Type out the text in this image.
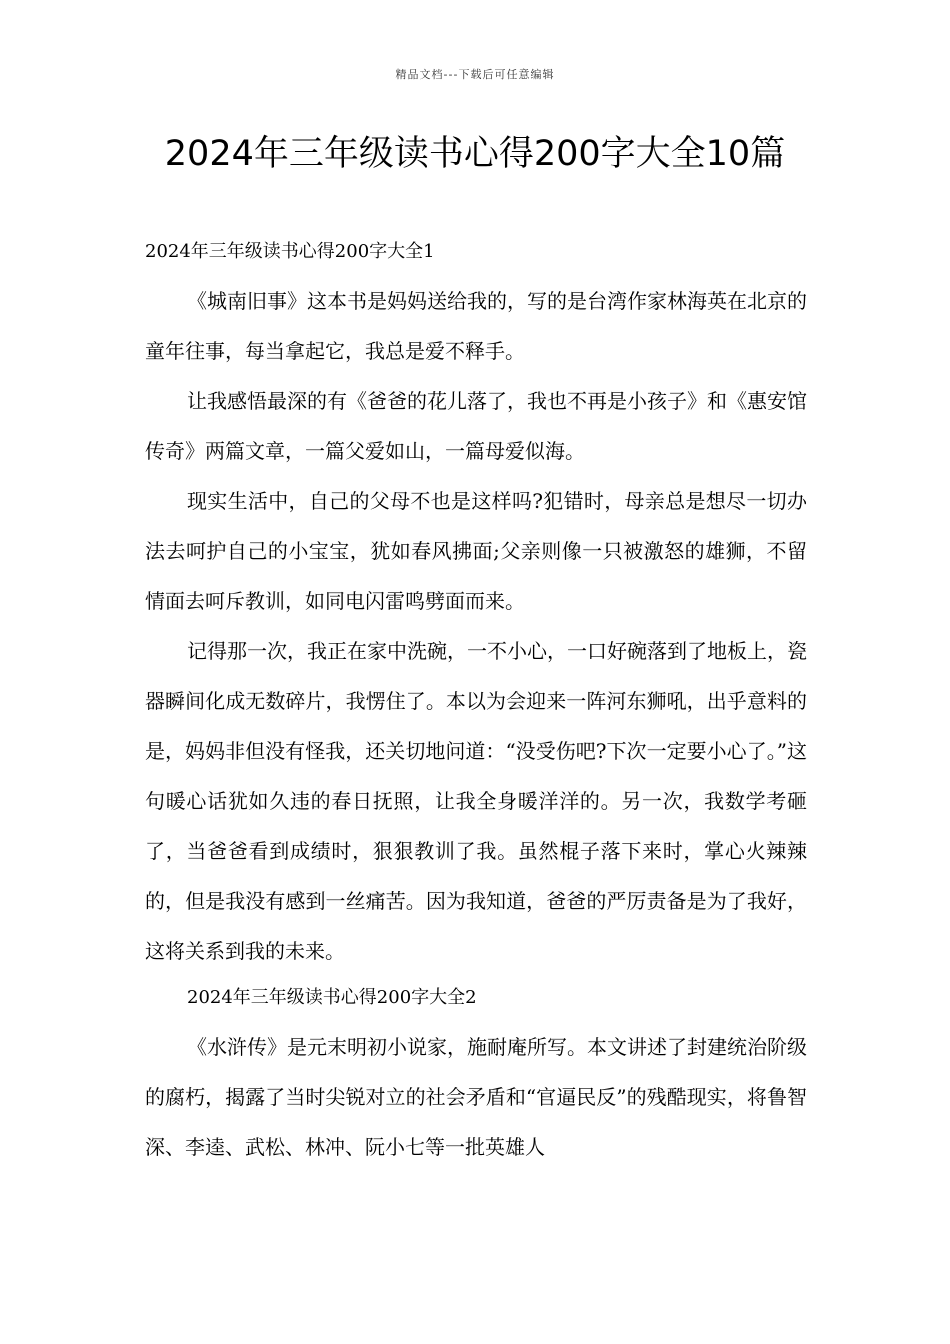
精品文档---下载后可任意编辑
2024年三年级读书心得200字大全10篇
2024年三年级读书心得200字大全1

《城南旧事》这本书是妈妈送给我的，写的是台湾作家林海英在北京的童年往事，每当拿起它，我总是爱不释手。

让我感悟最深的有《爸爸的花儿落了，我也不再是小孩子》和《惠安馆传奇》两篇文章，一篇父爱如山，一篇母爱似海。

现实生活中，自己的父母不也是这样吗?犯错时，母亲总是想尽一切办法去呵护自己的小宝宝，犹如春风拂面;父亲则像一只被激怒的雄狮，不留情面去呵斥教训，如同电闪雷鸣劈面而来。

记得那一次，我正在家中洗碗，一不小心，一口好碗落到了地板上，瓷器瞬间化成无数碎片，我愣住了。本以为会迎来一阵河东狮吼，出乎意料的是，妈妈非但没有怪我，还关切地问道：“没受伤吧?下次一定要小心了。”这句暖心话犹如久违的春日抚照，让我全身暖洋洋的。另一次，我数学考砸了，当爸爸看到成绩时，狠狠教训了我。虽然棍子落下来时，掌心火辣辣的，但是我没有感到一丝痛苦。因为我知道，爸爸的严厉责备是为了我好，这将关系到我的未来。

2024年三年级读书心得200字大全2

《水浒传》是元末明初小说家，施耐庵所写。本文讲述了封建统治阶级的腐朽，揭露了当时尖锐对立的社会矛盾和“官逼民反”的残酷现实，将鲁智深、李逵、武松、林冲、阮小七等一批英雄人
